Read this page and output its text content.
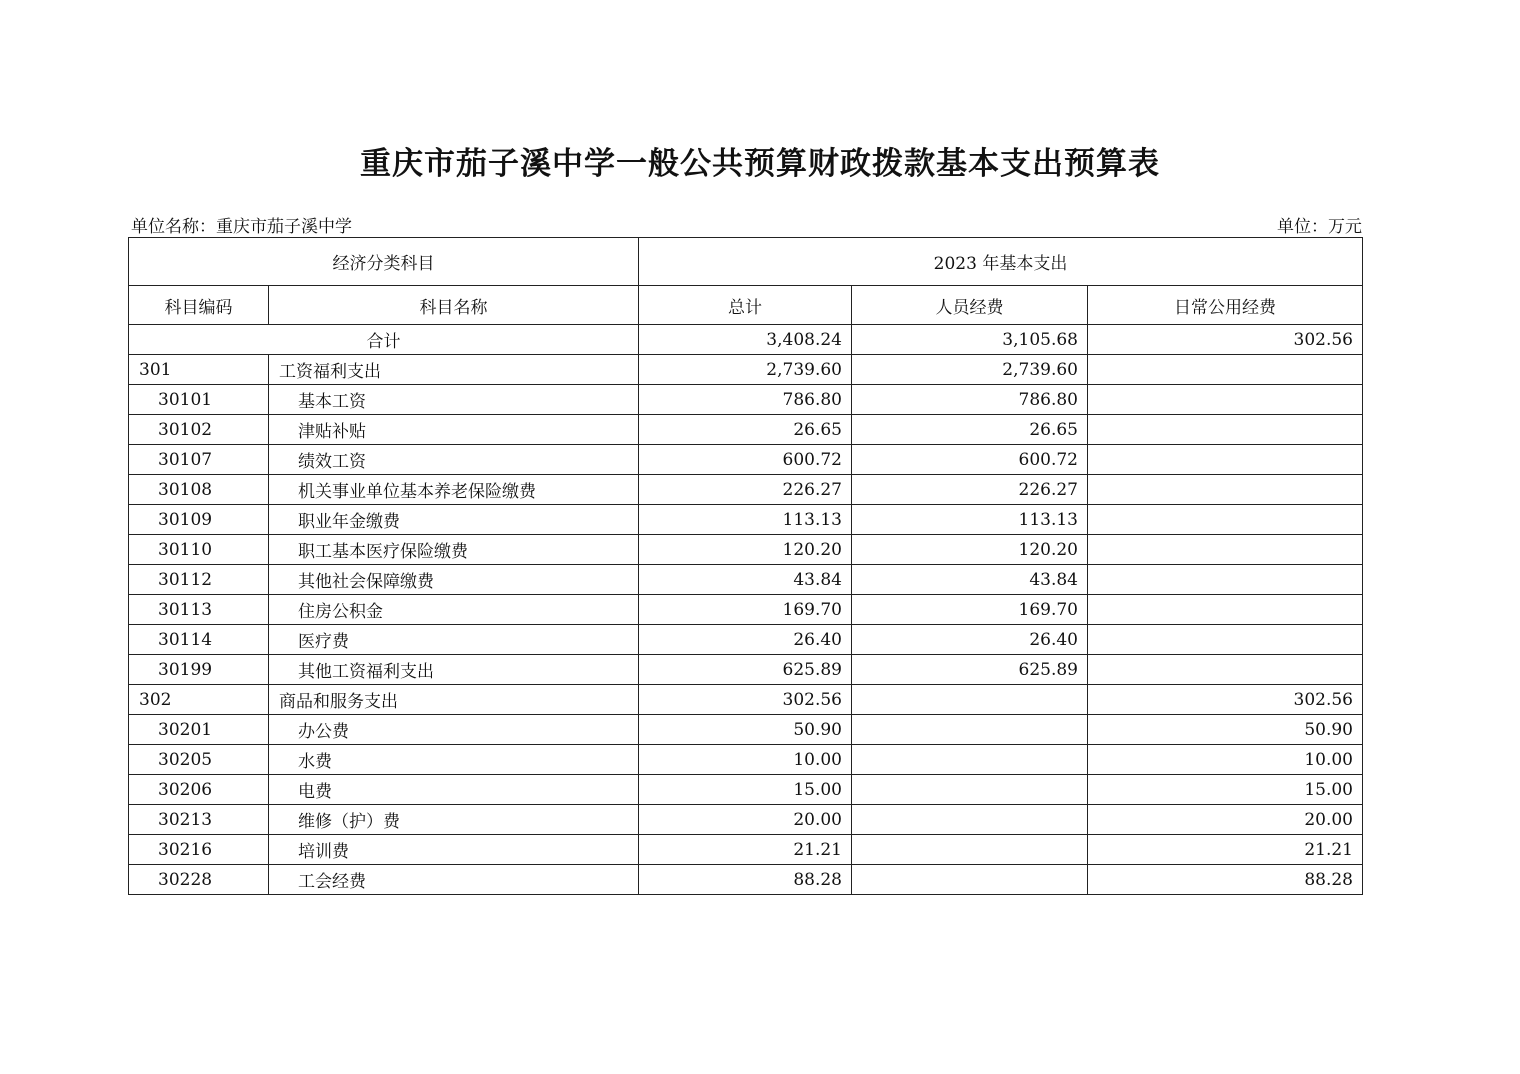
重庆市茄子溪中学一般公共预算财政拨款基本支出预算表
单位名称：重庆市茄子溪中学	单位：万元
经济分类科目		2023 年基本支出		
科目编码	科目名称	总计	人员经费	日常公用经费
合计		3,408.24	3,105.68	302.56
301	工资福利支出	2,739.60	2,739.60	
30101	基本工资	786.80	786.80	
30102	津贴补贴	26.65	26.65	
30107	绩效工资	600.72	600.72	
30108	机关事业单位基本养老保险缴费	226.27	226.27	
30109	职业年金缴费	113.13	113.13	
30110	职工基本医疗保险缴费	120.20	120.20	
30112	其他社会保障缴费	43.84	43.84	
30113	住房公积金	169.70	169.70	
30114	医疗费	26.40	26.40	
30199	其他工资福利支出	625.89	625.89	
302	商品和服务支出	302.56		302.56
30201	办公费	50.90		50.90
30205	水费	10.00		10.00
30206	电费	15.00		15.00
30213	维修（护）费	20.00		20.00
30216	培训费	21.21		21.21
30228	工会经费	88.28		88.28
